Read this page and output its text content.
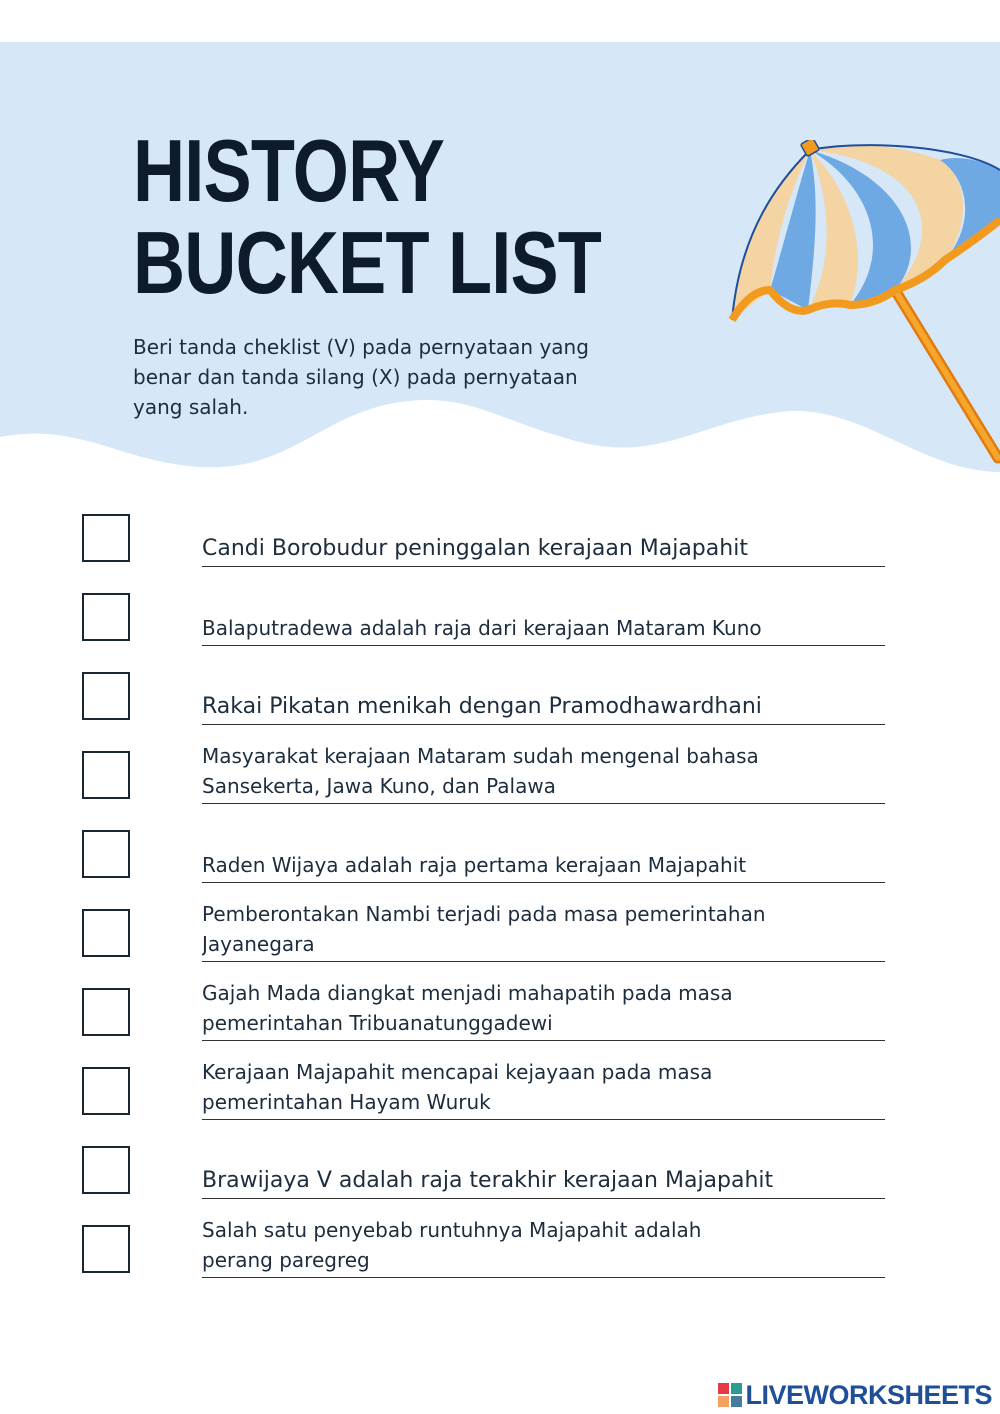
HISTORY
BUCKET LIST

Beri tanda cheklist (V) pada pernyataan yang
benar dan tanda silang (X) pada pernyataan
yang salah.

Candi Borobudur peninggalan kerajaan Majapahit
Balaputradewa adalah raja dari kerajaan Mataram Kuno
Rakai Pikatan menikah dengan Pramodhawardhani
Masyarakat kerajaan Mataram sudah mengenal bahasa
Sansekerta, Jawa Kuno, dan Palawa
Raden Wijaya adalah raja pertama kerajaan Majapahit
Pemberontakan Nambi terjadi pada masa pemerintahan
Jayanegara
Gajah Mada diangkat menjadi mahapatih pada masa
pemerintahan Tribuanatunggadewi
Kerajaan Majapahit mencapai kejayaan pada masa
pemerintahan Hayam Wuruk
Brawijaya V adalah raja terakhir kerajaan Majapahit
Salah satu penyebab runtuhnya Majapahit adalah
perang paregreg
LIVEWORKSHEETS
